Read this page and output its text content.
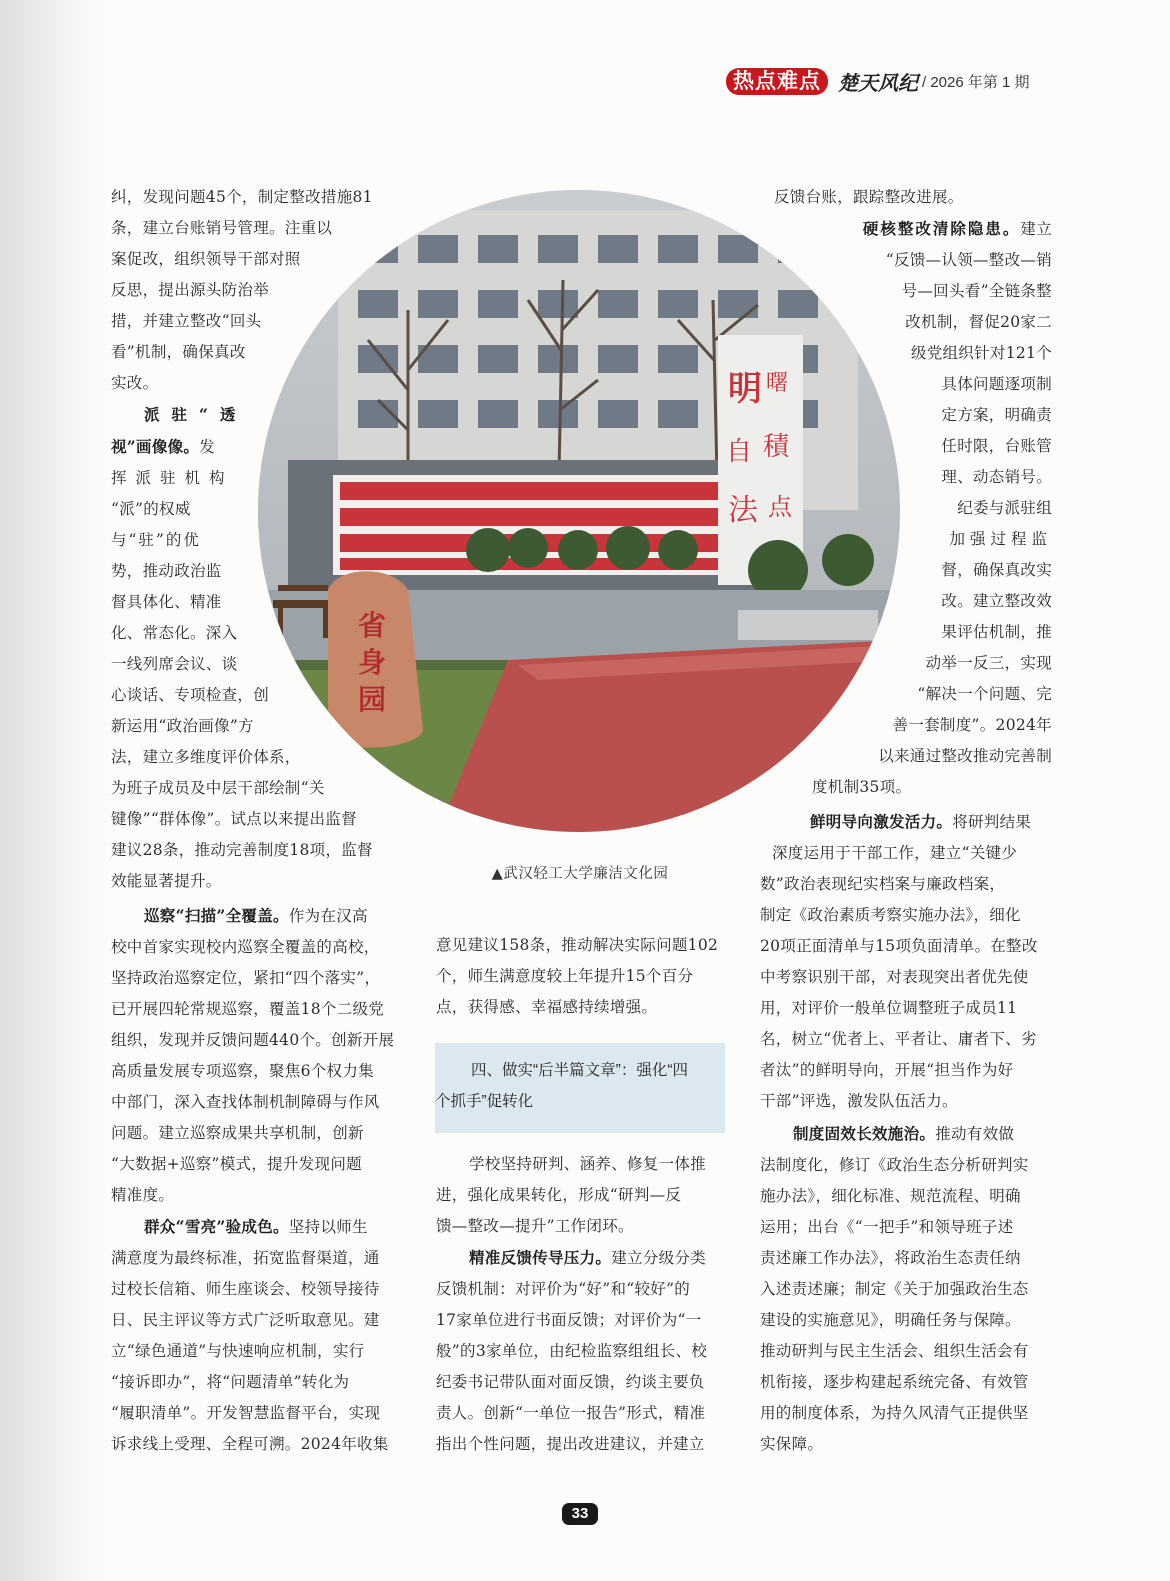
热点难点 楚天风纪 / 2026 年第 1 期

纠，发现问题45个，制定整改措施81

条，建立台账销号管理。注重以

案促改，组织领导干部对照

反思，提出源头防治举

措，并建立整改“回头

看”机制，确保真改

实改。

派驻“透

视”画像像。发

挥派驻机构

“派”的权威

与“驻”的优

势，推动政治监

督具体化、精准

化、常态化。深入

一线列席会议、谈

心谈话、专项检查，创

新运用“政治画像”方

法，建立多维度评价体系，

为班子成员及中层干部绘制“关

键像”“群体像”。试点以来提出监督

建议28条，推动完善制度18项，监督

效能显著提升。

巡察“扫描”全覆盖。作为在汉高

校中首家实现校内巡察全覆盖的高校，

坚持政治巡察定位，紧扣“四个落实”，

已开展四轮常规巡察，覆盖18个二级党

组织，发现并反馈问题440个。创新开展

高质量发展专项巡察，聚焦6个权力集

中部门，深入查找体制机制障碍与作风

问题。建立巡察成果共享机制，创新

“大数据+巡察”模式，提升发现问题

精准度。

群众“雪亮”验成色。坚持以师生

满意度为最终标准，拓宽监督渠道，通

过校长信箱、师生座谈会、校领导接待

日、民主评议等方式广泛听取意见。建

立“绿色通道”与快速响应机制，实行

“接诉即办”，将“问题清单”转化为

“履职清单”。开发智慧监督平台，实现

诉求线上受理、全程可溯。2024年收集

明 曙
自 積
法 点
省
身
园
▲武汉轻工大学廉洁文化园

意见建议158条，推动解决实际问题102

个，师生满意度较上年提升15个百分

点，获得感、幸福感持续增强。

四、做实“后半篇文章”：强化“四

个抓手”促转化

学校坚持研判、涵养、修复一体推

进，强化成果转化，形成“研判—反

馈—整改—提升”工作闭环。

精准反馈传导压力。建立分级分类

反馈机制：对评价为“好”和“较好”的

17家单位进行书面反馈；对评价为“一

般”的3家单位，由纪检监察组组长、校

纪委书记带队面对面反馈，约谈主要负

责人。创新“一单位一报告”形式，精准

指出个性问题，提出改进建议，并建立

反馈台账，跟踪整改进展。

硬核整改清除隐患。建立

“反馈—认领—整改—销

号—回头看”全链条整

改机制，督促20家二

级党组织针对121个

具体问题逐项制

定方案，明确责

任时限，台账管

理、动态销号。

纪委与派驻组

加强过程监

督，确保真改实

改。建立整改效

果评估机制，推

动举一反三，实现

“解决一个问题、完

善一套制度”。2024年

以来通过整改推动完善制

度机制35项。

鲜明导向激发活力。将研判结果

深度运用于干部工作，建立“关键少

数”政治表现纪实档案与廉政档案，

制定《政治素质考察实施办法》，细化

20项正面清单与15项负面清单。在整改

中考察识别干部，对表现突出者优先使

用，对评价一般单位调整班子成员11

名，树立“优者上、平者让、庸者下、劣

者汰”的鲜明导向，开展“担当作为好

干部”评选，激发队伍活力。

制度固效长效施治。推动有效做

法制度化，修订《政治生态分析研判实

施办法》，细化标准、规范流程、明确

运用；出台《“一把手”和领导班子述

责述廉工作办法》，将政治生态责任纳

入述责述廉；制定《关于加强政治生态

建设的实施意见》，明确任务与保障。

推动研判与民主生活会、组织生活会有

机衔接，逐步构建起系统完备、有效管

用的制度体系，为持久风清气正提供坚

实保障。

33
